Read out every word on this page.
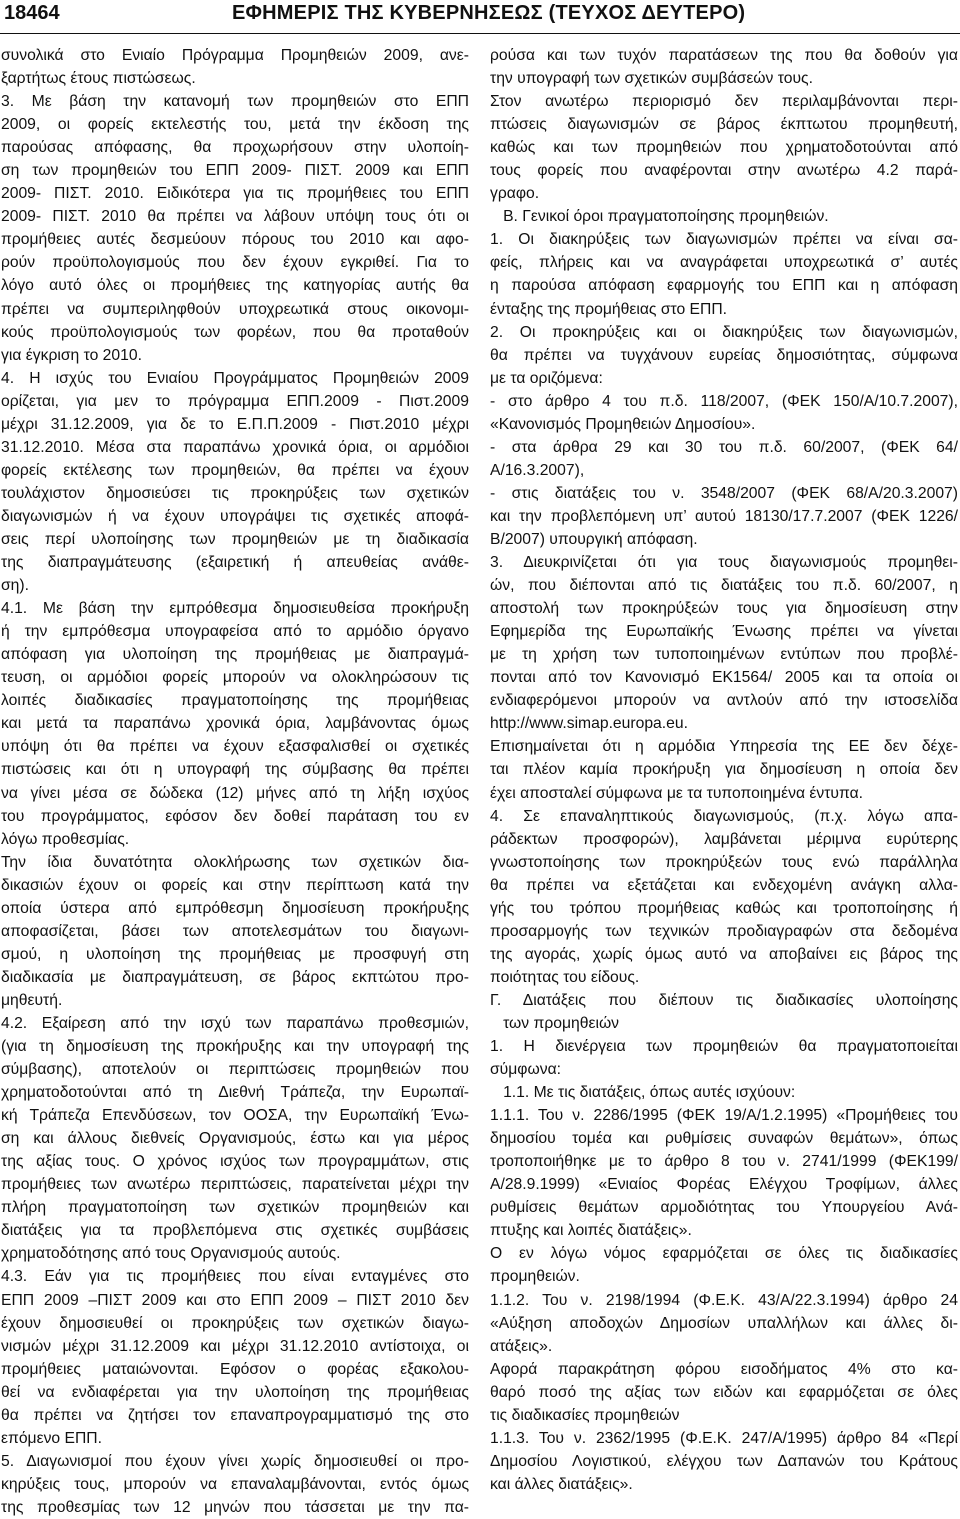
18464	ΕΦΗΜΕΡΙΣ ΤΗΣ ΚΥΒΕΡΝΗΣΕΩΣ (ΤΕΥΧΟΣ ΔΕΥΤΕΡΟ)
συνολικά στο Ενιαίο Πρόγραμμα Προμηθειών 2009, ανε-
ξαρτήτως έτους πιστώσεως.
3. Με βάση την κατανομή των προμηθειών στο ΕΠΠ
2009, οι φορείς εκτελεστής του, μετά την έκδοση της
παρούσας απόφασης, θα προχωρήσουν στην υλοποίη-
ση των προμηθειών του ΕΠΠ 2009- ΠΙΣΤ. 2009 και ΕΠΠ
2009- ΠΙΣΤ. 2010. Ειδικότερα για τις προμήθειες του ΕΠΠ
2009- ΠΙΣΤ. 2010 θα πρέπει να λάβουν υπόψη τους ότι οι
προμήθειες αυτές δεσμεύουν πόρους του 2010 και αφο-
ρούν προϋπολογισμούς που δεν έχουν εγκριθεί. Για το
λόγο αυτό όλες οι προμήθειες της κατηγορίας αυτής θα
πρέπει να συμπεριληφθούν υποχρεωτικά στους οικονομι-
κούς προϋπολογισμούς των φορέων, που θα προταθούν
για έγκριση το 2010.
4. Η ισχύς του Ενιαίου Προγράμματος Προμηθειών 2009
ορίζεται, για μεν το πρόγραμμα ΕΠΠ.2009 - Πιστ.2009
μέχρι 31.12.2009, για δε το Ε.Π.Π.2009 - Πιστ.2010 μέχρι
31.12.2010. Μέσα στα παραπάνω χρονικά όρια, οι αρμόδιοι
φορείς εκτέλεσης των προμηθειών, θα πρέπει να έχουν
τουλάχιστον δημοσιεύσει τις προκηρύξεις των σχετικών
διαγωνισμών ή να έχουν υπογράψει τις σχετικές αποφά-
σεις περί υλοποίησης των προμηθειών με τη διαδικασία
της διαπραγμάτευσης (εξαιρετική ή απευθείας ανάθε-
ση).
4.1. Με βάση την εμπρόθεσμα δημοσιευθείσα προκήρυξη
ή την εμπρόθεσμα υπογραφείσα από το αρμόδιο όργανο
απόφαση για υλοποίηση της προμήθειας με διαπραγμά-
τευση, οι αρμόδιοι φορείς μπορούν να ολοκληρώσουν τις
λοιπές διαδικασίες πραγματοποίησης της προμήθειας
και μετά τα παραπάνω χρονικά όρια, λαμβάνοντας όμως
υπόψη ότι θα πρέπει να έχουν εξασφαλισθεί οι σχετικές
πιστώσεις και ότι η υπογραφή της σύμβασης θα πρέπει
να γίνει μέσα σε δώδεκα (12) μήνες από τη λήξη ισχύος
του προγράμματος, εφόσον δεν δοθεί παράταση του εν
λόγω προθεσμίας.
Την ίδια δυνατότητα ολοκλήρωσης των σχετικών δια-
δικασιών έχουν οι φορείς και στην περίπτωση κατά την
οποία ύστερα από εμπρόθεσμη δημοσίευση προκήρυξης
αποφασίζεται, βάσει των αποτελεσμάτων του διαγωνι-
σμού, η υλοποίηση της προμήθειας με προσφυγή στη
διαδικασία με διαπραγμάτευση, σε βάρος εκπτώτου προ-
μηθευτή.
4.2. Εξαίρεση από την ισχύ των παραπάνω προθεσμιών,
(για τη δημοσίευση της προκήρυξης και την υπογραφή της
σύμβασης), αποτελούν οι περιπτώσεις προμηθειών που
χρηματοδοτούνται από τη Διεθνή Τράπεζα, την Ευρωπαϊ-
κή Τράπεζα Επενδύσεων, τον ΟΟΣΑ, την Ευρωπαϊκή Ένω-
ση και άλλους διεθνείς Οργανισμούς, έστω και για μέρος
της αξίας τους. Ο χρόνος ισχύος των προγραμμάτων, στις
προμήθειες των ανωτέρω περιπτώσεις, παρατείνεται μέχρι την
πλήρη πραγματοποίηση των σχετικών προμηθειών και
διατάξεις για τα προβλεπόμενα στις σχετικές συμβάσεις
χρηματοδότησης από τους Οργανισμούς αυτούς.
4.3. Εάν για τις προμήθειες που είναι ενταγμένες στο
ΕΠΠ 2009 –ΠΙΣΤ 2009 και στο ΕΠΠ 2009 – ΠΙΣΤ 2010 δεν
έχουν δημοσιευθεί οι προκηρύξεις των σχετικών διαγω-
νισμών μέχρι 31.12.2009 και μέχρι 31.12.2010 αντίστοιχα, οι
προμήθειες ματαιώνονται. Εφόσον ο φορέας εξακολου-
θεί να ενδιαφέρεται για την υλοποίηση της προμήθειας
θα πρέπει να ζητήσει τον επαναπρογραμματισμό της στο
επόμενο ΕΠΠ.
5. Διαγωνισμοί που έχουν γίνει χωρίς δημοσιευθεί οι προ-
κηρύξεις τους, μπορούν να επαναλαμβάνονται, εντός όμως
της προθεσμίας των 12 μηνών που τάσσεται με την πα-
ρούσα και των τυχόν παρατάσεων της που θα δοθούν για
την υπογραφή των σχετικών συμβάσεών τους.
Στον ανωτέρω περιορισμό δεν περιλαμβάνονται περι-
πτώσεις διαγωνισμών σε βάρος έκπτωτου προμηθευτή,
καθώς και των προμηθειών που χρηματοδοτούνται από
τους φορείς που αναφέρονται στην ανωτέρω 4.2 παρά-
γραφο.
Β. Γενικοί όροι πραγματοποίησης προμηθειών.
1. Οι διακηρύξεις των διαγωνισμών πρέπει να είναι σα-
φείς, πλήρεις και να αναγράφεται υποχρεωτικά σ’ αυτές
η παρούσα απόφαση εφαρμογής του ΕΠΠ και η απόφαση
ένταξης της προμήθειας στο ΕΠΠ.
2. Οι προκηρύξεις και οι διακηρύξεις των διαγωνισμών,
θα πρέπει να τυγχάνουν ευρείας δημοσιότητας, σύμφωνα
με τα οριζόμενα:
- στο άρθρο 4 του π.δ. 118/2007, (ΦΕΚ 150/Α/10.7.2007),
«Κανονισμός Προμηθειών Δημοσίου».
- στα άρθρα 29 και 30 του π.δ. 60/2007, (ΦΕΚ 64/
Α/16.3.2007),
- στις διατάξεις του ν. 3548/2007 (ΦΕΚ 68/Α/20.3.2007)
και την προβλεπόμενη υπ’ αυτού 18130/17.7.2007 (ΦΕΚ 1226/
Β/2007) υπουργική απόφαση.
3. Διευκρινίζεται ότι για τους διαγωνισμούς προμηθει-
ών, που διέπονται από τις διατάξεις του π.δ. 60/2007, η
αποστολή των προκηρύξεών τους για δημοσίευση στην
Εφημερίδα της Ευρωπαϊκής Ένωσης πρέπει να γίνεται
με τη χρήση των τυποποιημένων εντύπων που προβλέ-
πονται από τον Κανονισμό ΕΚ1564/ 2005 και τα οποία οι
ενδιαφερόμενοι μπορούν να αντλούν από την ιστοσελίδα
http://www.simap.europa.eu.
Επισημαίνεται ότι η αρμόδια Υπηρεσία της ΕΕ δεν δέχε-
ται πλέον καμία προκήρυξη για δημοσίευση η οποία δεν
έχει αποσταλεί σύμφωνα με τα τυποποιημένα έντυπα.
4. Σε επαναληπτικούς διαγωνισμούς, (π.χ. λόγω απα-
ράδεκτων προσφορών), λαμβάνεται μέριμνα ευρύτερης
γνωστοποίησης των προκηρύξεών τους ενώ παράλληλα
θα πρέπει να εξετάζεται και ενδεχομένη ανάγκη αλλα-
γής του τρόπου προμήθειας καθώς και τροποποίησης ή
προσαρμογής των τεχνικών προδιαγραφών στα δεδομένα
της αγοράς, χωρίς όμως αυτό να αποβαίνει εις βάρος της
ποιότητας του είδους.
Γ. Διατάξεις που διέπουν τις διαδικασίες υλοποίησης
των προμηθειών
1. Η διενέργεια των προμηθειών θα πραγματοποιείται
σύμφωνα:
1.1. Με τις διατάξεις, όπως αυτές ισχύουν:
1.1.1. Του ν. 2286/1995 (ΦΕΚ 19/Α/1.2.1995) «Προμήθειες του
δημοσίου τομέα και ρυθμίσεις συναφών θεμάτων», όπως
τροποποιήθηκε με το άρθρο 8 του ν. 2741/1999 (ΦΕΚ199/
Α/28.9.1999) «Ενιαίος Φορέας Ελέγχου Τροφίμων, άλλες
ρυθμίσεις θεμάτων αρμοδιότητας του Υπουργείου Ανά-
πτυξης και λοιπές διατάξεις».
Ο εν λόγω νόμος εφαρμόζεται σε όλες τις διαδικασίες
προμηθειών.
1.1.2. Του ν. 2198/1994 (Φ.Ε.Κ. 43/Α/22.3.1994) άρθρο 24
«Αύξηση αποδοχών Δημοσίων υπαλλήλων και άλλες δι-
ατάξεις».
Αφορά παρακράτηση φόρου εισοδήματος 4% στο κα-
θαρό ποσό της αξίας των ειδών και εφαρμόζεται σε όλες
τις διαδικασίες προμηθειών
1.1.3. Του ν. 2362/1995 (Φ.Ε.Κ. 247/Α/1995) άρθρο 84 «Περί
Δημοσίου Λογιστικού, ελέγχου των Δαπανών του Κράτους
και άλλες διατάξεις».
